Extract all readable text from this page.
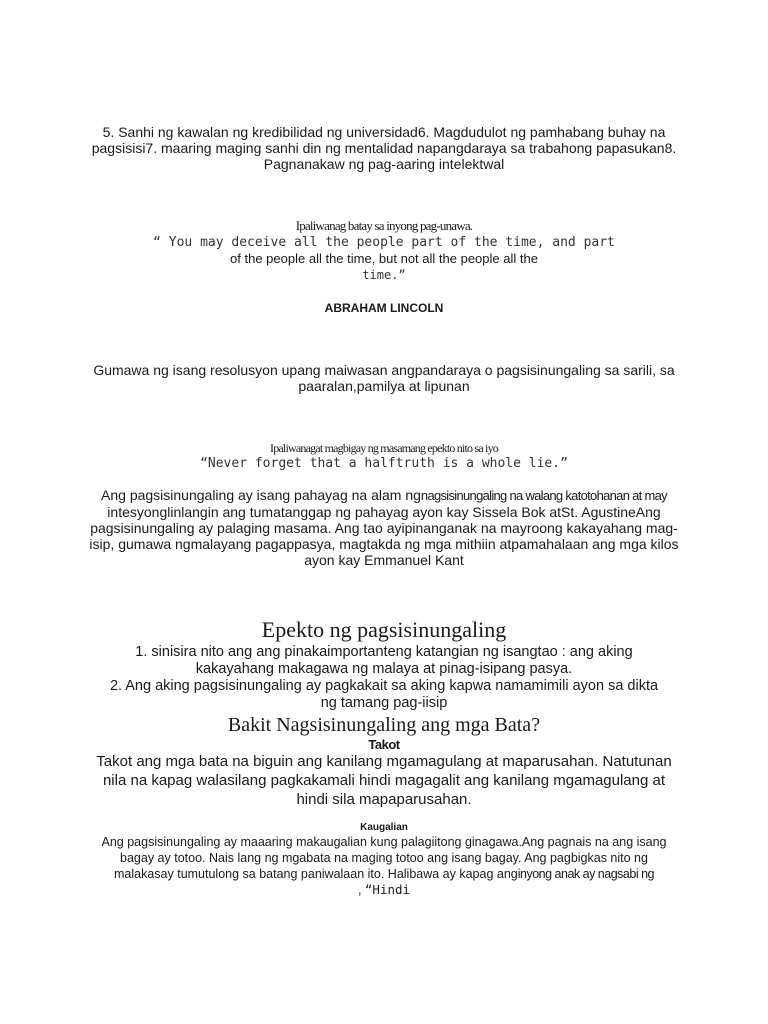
5. Sanhi ng kawalan ng kredibilidad ng universidad6. Magdudulot ng pamhabang buhay na
pagsisisi7. maaring maging sanhi din ng mentalidad napangdaraya sa trabahong papasukan8.
Pagnanakaw ng pag-aaring intelektwal
Ipaliwanag batay sa inyong pag-unawa.
“ You may deceive all the people part of the time, and part
of the people all the time, but not all the people all the
time.”
ABRAHAM LINCOLN
Gumawa ng isang resolusyon upang maiwasan angpandaraya o pagsisinungaling sa sarili, sa
paaralan,pamilya at lipunan
Ipaliwanagat magbigay ng masamang epekto nito sa iyo
“Never forget that a halftruth is a whole lie.”
Ang pagsisinungaling ay isang pahayag na alam ngnagsisinungaling na walang katotohanan at may
intesyonglinlangin ang tumatanggap ng pahayag ayon kay Sissela Bok atSt. AgustineAng
pagsisinungaling ay palaging masama. Ang tao ayipinanganak na mayroong kakayahang mag-
isip, gumawa ngmalayang pagappasya, magtakda ng mga mithiin atpamahalaan ang mga kilos
ayon kay Emmanuel Kant
Epekto ng pagsisinungaling
1. sinisira nito ang ang pinakaimportanteng katangian ng isangtao : ang aking
kakayahang makagawa ng malaya at pinag-isipang pasya.
2. Ang aking pagsisinungaling ay pagkakait sa aking kapwa namamimili ayon sa dikta
ng tamang pag-iisip
Bakit Nagsisinungaling ang mga Bata?
Takot
Takot ang mga bata na biguin ang kanilang mgamagulang at maparusahan. Natutunan
nila na kapag walasilang pagkakamali hindi magagalit ang kanilang mgamagulang at
hindi sila mapaparusahan.
Kaugalian
Ang pagsisinungaling ay maaaring makaugalian kung palagiitong ginagawa.Ang pagnais na ang isang
bagay ay totoo. Nais lang ng mgabata na maging totoo ang isang bagay. Ang pagbigkas nito ng
malakasay tumutulong sa batang paniwalaan ito. Halibawa ay kapag anginyong anak ay nagsabi ng
, “Hindi
